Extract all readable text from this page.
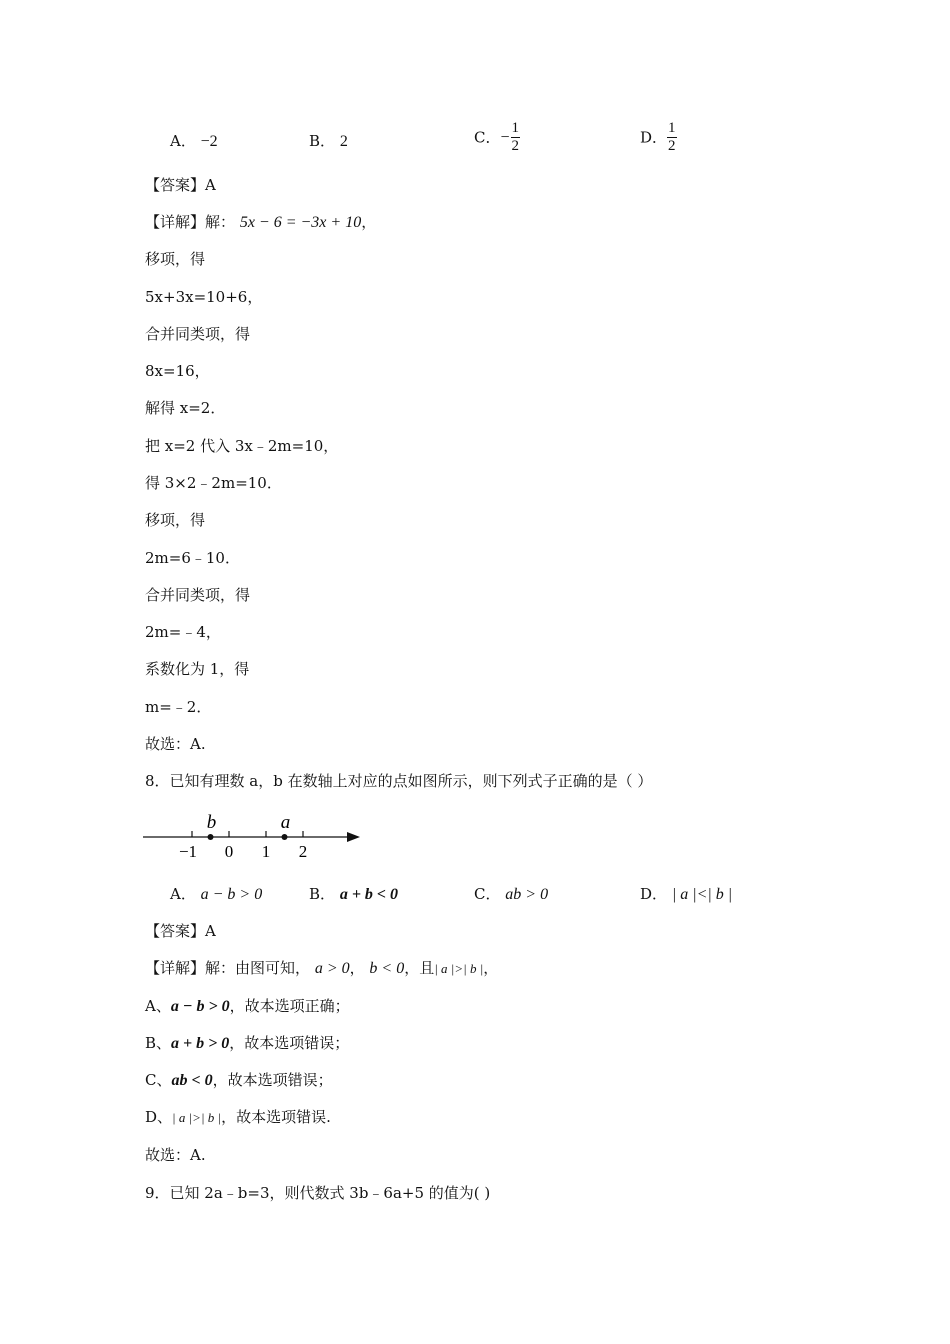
A． −2	B． 2	C．− $\frac{1}{2}$	D． $\frac{1}{2}$
【答案】A
【详解】解： 5x − 6 = −3x + 10，
移项，得
5x+3x=10+6，
合并同类项，得
8x=16，
解得 x=2．
把 x=2 代入 3x﹣2m=10，
得 3×2﹣2m=10．
移项，得
2m=6﹣10．
合并同类项，得
2m=﹣4，
系数化为 1，得
m=﹣2．
故选：A.
8．已知有理数 a，b 在数轴上对应的点如图所示，则下列式子正确的是（ ）
−1 0 1 2
b	a
A． a − b > 0	B． a + b < 0	C． ab > 0	D． | a |<| b |
【答案】A
【详解】解：由图可知， a > 0， b < 0，且| a |>| b |，
A、a − b > 0，故本选项正确；
B、a + b > 0，故本选项错误；
C、ab < 0，故本选项错误；
D、| a |>| b |，故本选项错误.
故选：A.
9．已知 2a﹣b=3，则代数式 3b﹣6a+5 的值为( )
